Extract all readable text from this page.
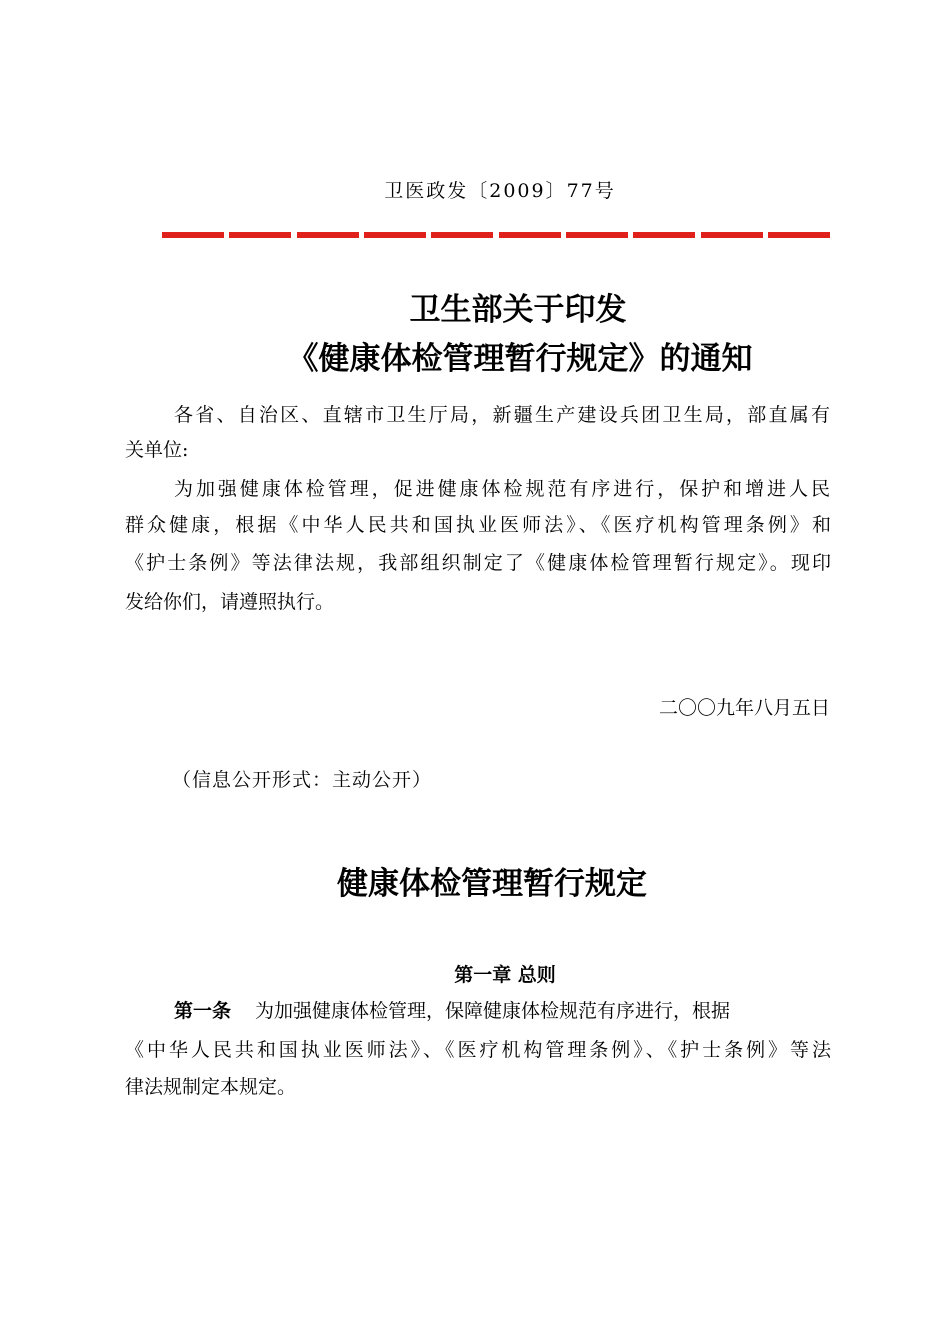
卫医政发〔2009〕77号
卫生部关于印发
《健康体检管理暂行规定》的通知
各省、自治区、直辖市卫生厅局，新疆生产建设兵团卫生局，部直属有
关单位:
为加强健康体检管理，促进健康体检规范有序进行，保护和增进人民
群众健康，根据《中华人民共和国执业医师法》、《医疗机构管理条例》和
《护士条例》等法律法规，我部组织制定了《健康体检管理暂行规定》。现印
发给你们，请遵照执行。
二〇〇九年八月五日
（信息公开形式：主动公开）
健康体检管理暂行规定
第一章 总则
第一条 为加强健康体检管理，保障健康体检规范有序进行，根据
《中华人民共和国执业医师法》、《医疗机构管理条例》、《护士条例》等法
律法规制定本规定。
